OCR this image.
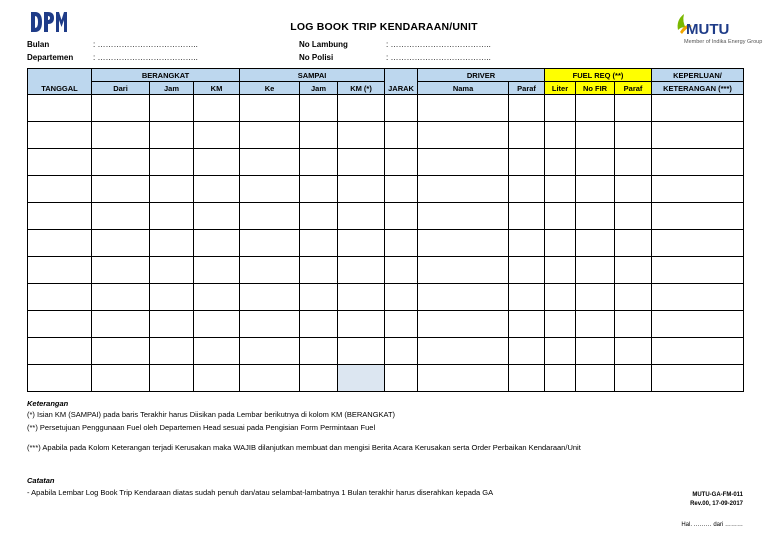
LOG BOOK TRIP KENDARAAN/UNIT
Bulan	: ………………………………..
Departemen : ………………………………..
No Lambung	: ………………………………..
No Polisi	: ………………………………..
MUTU
Member of Indika Energy Group
TANGGAL	BERANGKAT			SAMPAI			JARAK	DRIVER		FUEL REQ (**)			KEPERLUAN/
	Dari	Jam	KM	Ke	Jam	KM (*)		Nama	Paraf	Liter	No FIR	Paraf	KETERANGAN (***)

Keterangan
(*) Isian KM (SAMPAI) pada baris Terakhir harus Diisikan pada Lembar berikutnya di kolom KM (BERANGKAT)
(**) Persetujuan Penggunaan Fuel oleh Departemen Head sesuai pada Pengisian Form Permintaan Fuel
(***) Apabila pada Kolom Keterangan terjadi Kerusakan maka WAJIB dilanjutkan membuat dan mengisi Berita Acara Kerusakan serta Order Perbaikan Kendaraan/Unit
Catatan
- Apabila Lembar Log Book Trip Kendaraan diatas sudah penuh dan/atau selambat-lambatnya 1 Bulan terakhir harus diserahkan kepada GA	MUTU-GA-FM-011
Rev.00, 17-09-2017
Hal. ……… dari ………
